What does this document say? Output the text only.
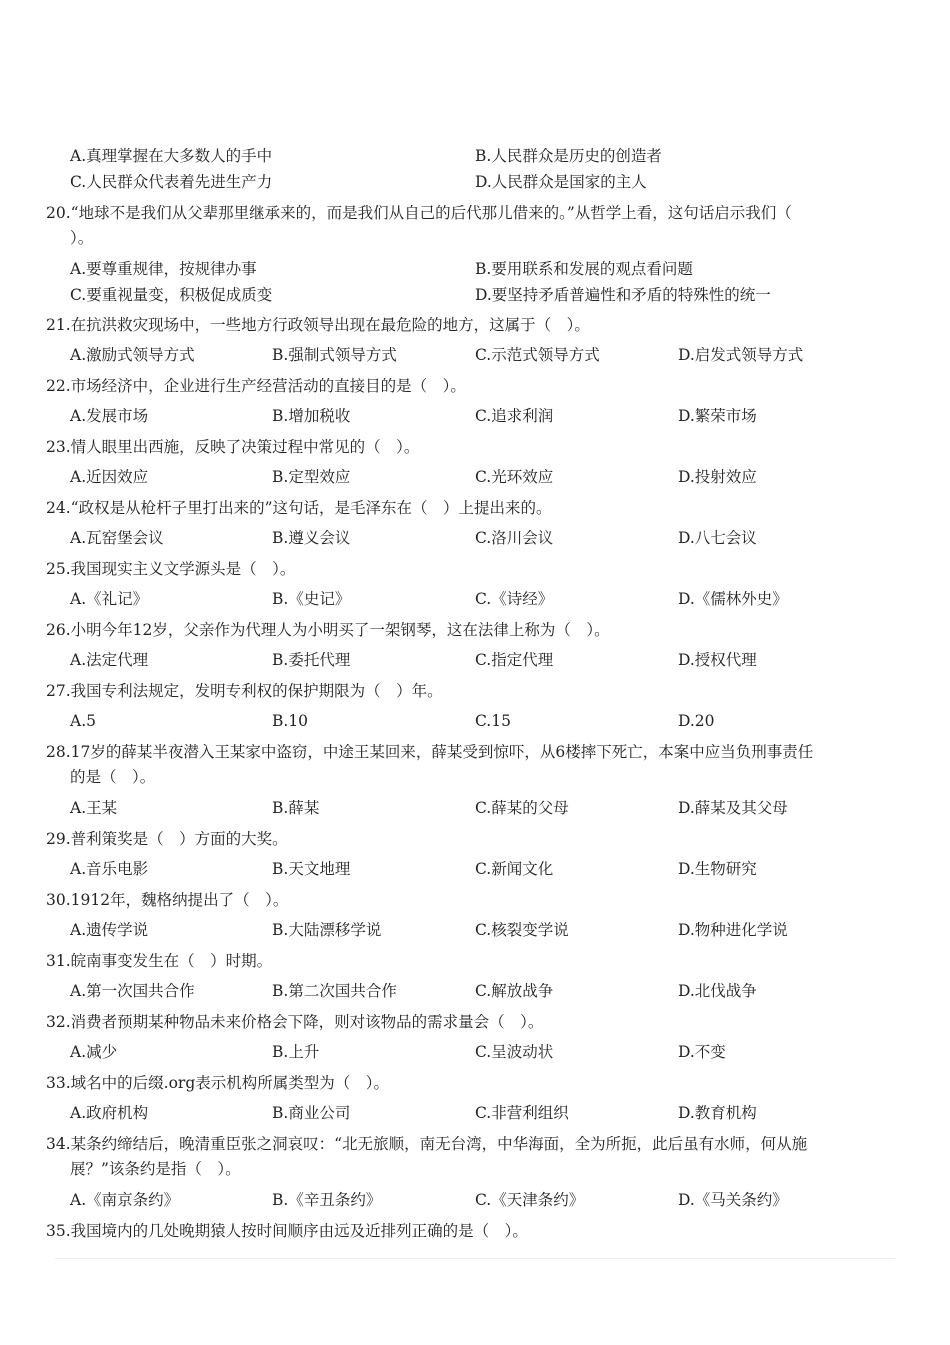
A.真理掌握在大多数人的手中	B.人民群众是历史的创造者
C.人民群众代表着先进生产力	D.人民群众是国家的主人
20.“地球不是我们从父辈那里继承来的，而是我们从自己的后代那儿借来的。”从哲学上看，这句话启示我们（
）。
A.要尊重规律，按规律办事	B.要用联系和发展的观点看问题
C.要重视量变，积极促成质变	D.要坚持矛盾普遍性和矛盾的特殊性的统一
21.在抗洪救灾现场中，一些地方行政领导出现在最危险的地方，这属于（　）。
A.激励式领导方式	B.强制式领导方式	C.示范式领导方式	D.启发式领导方式
22.市场经济中，企业进行生产经营活动的直接目的是（　）。
A.发展市场	B.增加税收	C.追求利润	D.繁荣市场
23.情人眼里出西施，反映了决策过程中常见的（　）。
A.近因效应	B.定型效应	C.光环效应	D.投射效应
24.“政权是从枪杆子里打出来的”这句话，是毛泽东在（　）上提出来的。
A.瓦窑堡会议	B.遵义会议	C.洛川会议	D.八七会议
25.我国现实主义文学源头是（　）。
A.《礼记》	B.《史记》	C.《诗经》	D.《儒林外史》
26.小明今年12岁，父亲作为代理人为小明买了一架钢琴，这在法律上称为（　）。
A.法定代理	B.委托代理	C.指定代理	D.授权代理
27.我国专利法规定，发明专利权的保护期限为（　）年。
A.5	B.10	C.15	D.20
28.17岁的薛某半夜潜入王某家中盗窃，中途王某回来，薛某受到惊吓，从6楼摔下死亡，本案中应当负刑事责任
的是（　）。
A.王某	B.薛某	C.薛某的父母	D.薛某及其父母
29.普利策奖是（　）方面的大奖。
A.音乐电影	B.天文地理	C.新闻文化	D.生物研究
30.1912年，魏格纳提出了（　）。
A.遗传学说	B.大陆漂移学说	C.核裂变学说	D.物种进化学说
31.皖南事变发生在（　）时期。
A.第一次国共合作	B.第二次国共合作	C.解放战争	D.北伐战争
32.消费者预期某种物品未来价格会下降，则对该物品的需求量会（　）。
A.减少	B.上升	C.呈波动状	D.不变
33.域名中的后缀.org表示机构所属类型为（　）。
A.政府机构	B.商业公司	C.非营利组织	D.教育机构
34.某条约缔结后，晚清重臣张之洞哀叹：“北无旅顺，南无台湾，中华海面，全为所扼，此后虽有水师，何从施
展？”该条约是指（　）。
A.《南京条约》	B.《辛丑条约》	C.《天津条约》	D.《马关条约》
35.我国境内的几处晚期猿人按时间顺序由远及近排列正确的是（　）。
